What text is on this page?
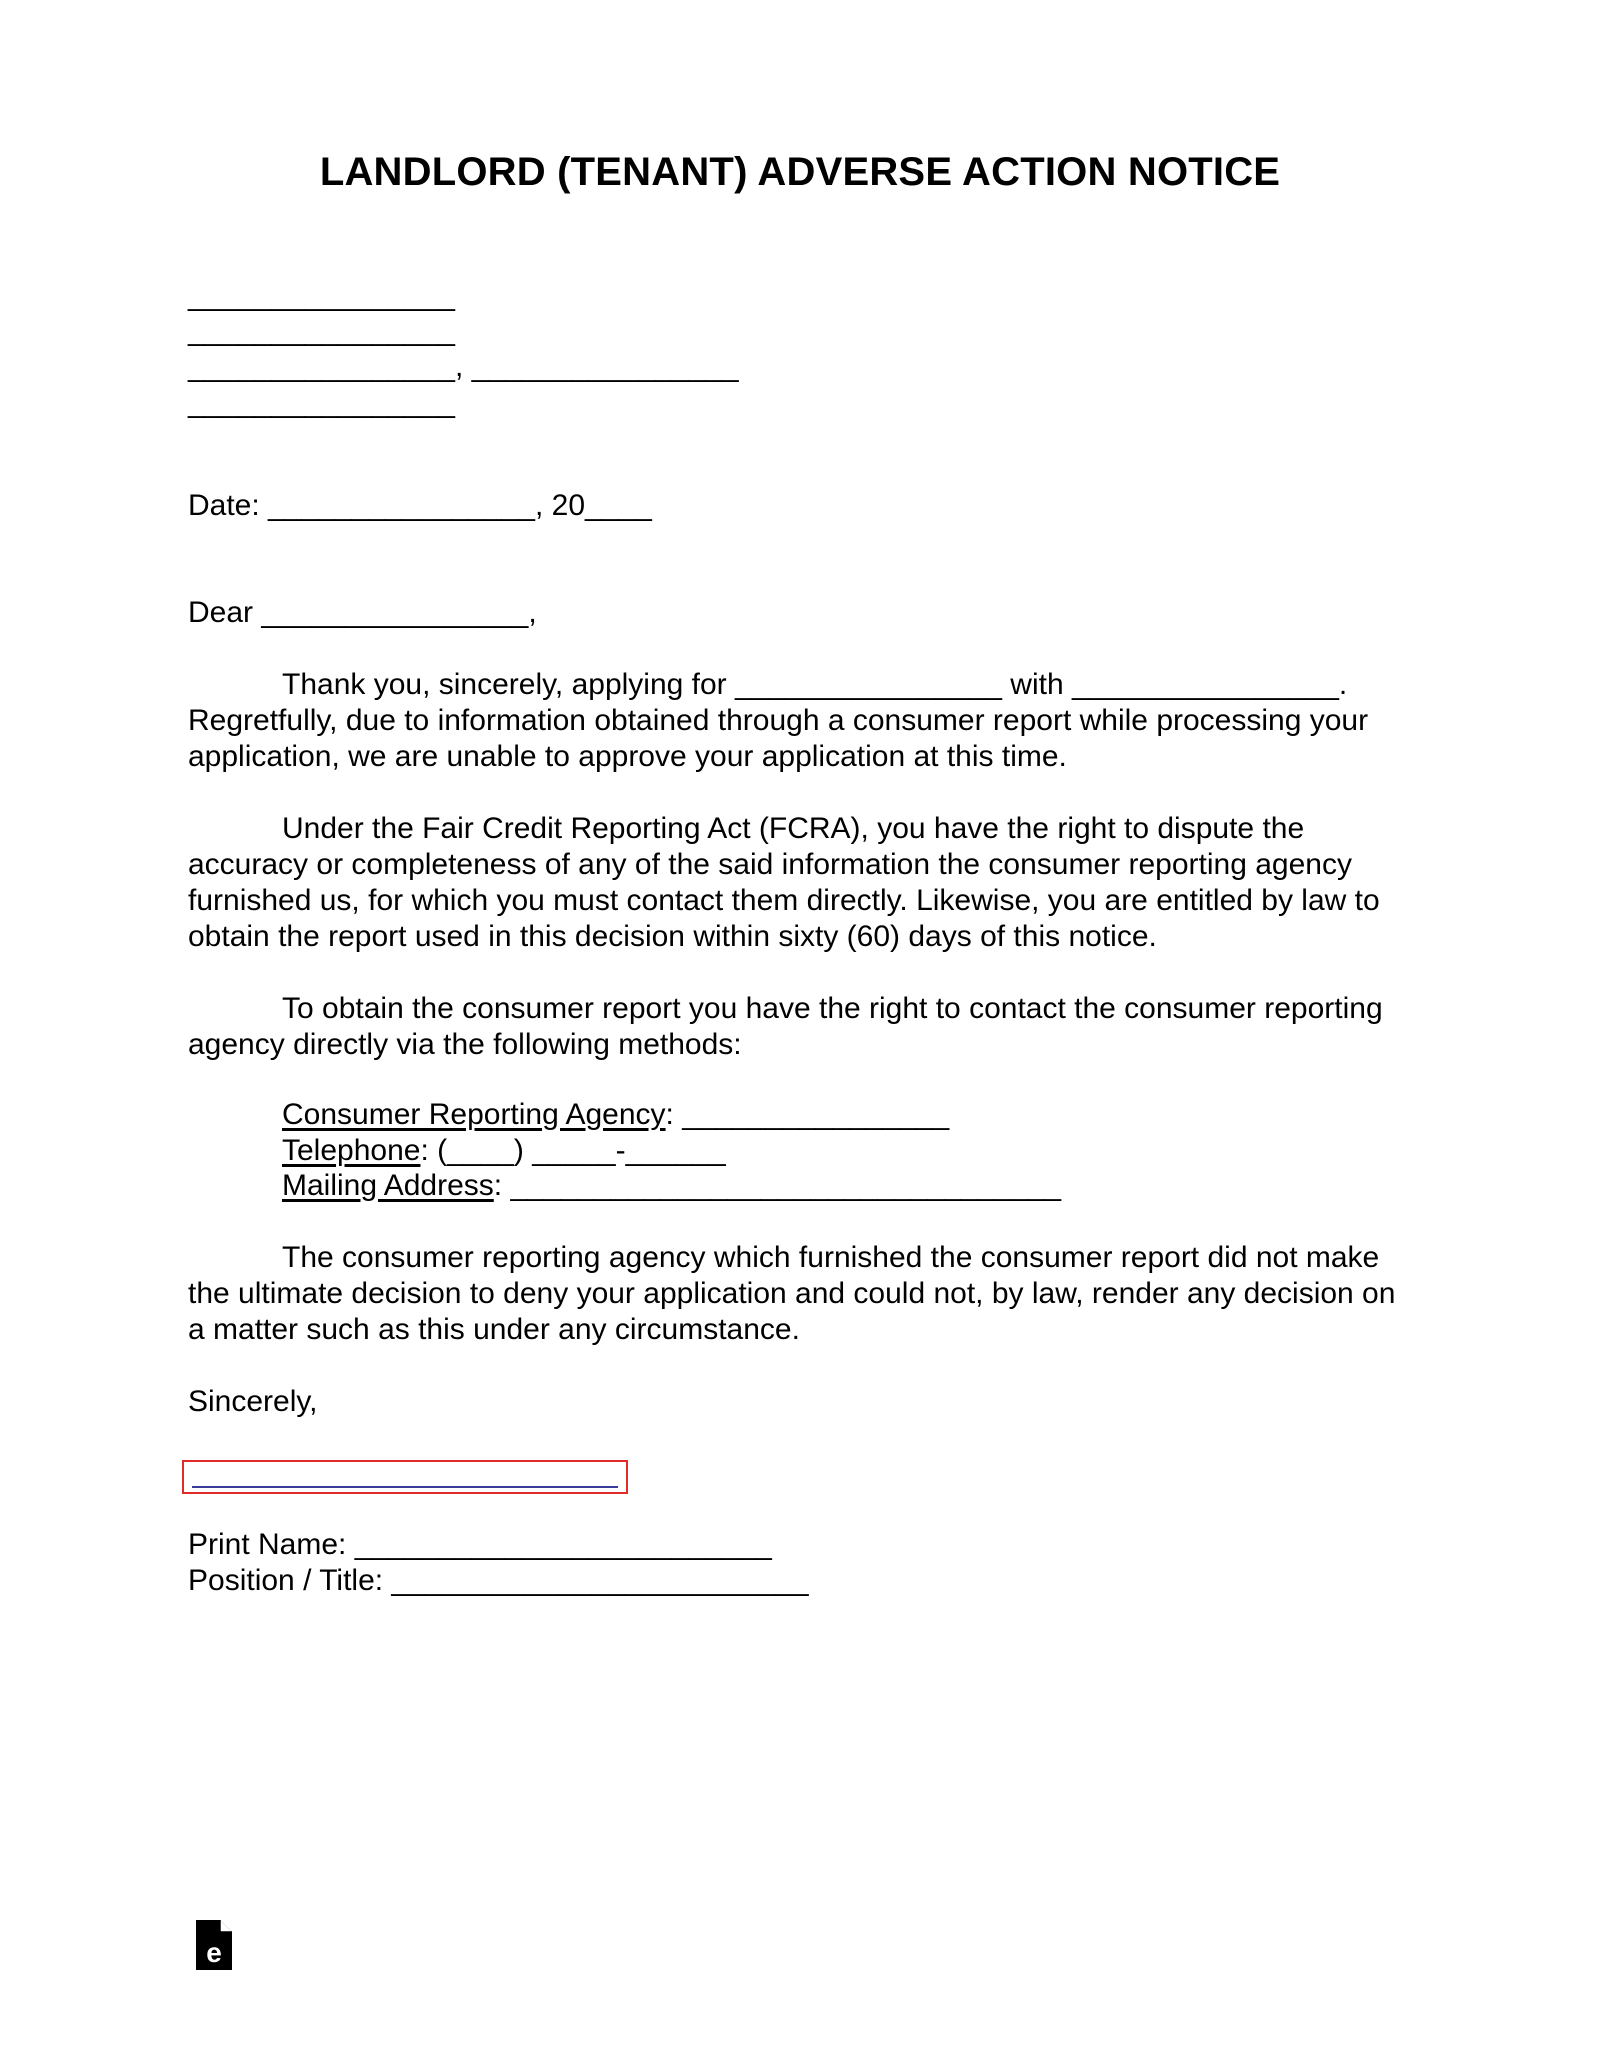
LANDLORD (TENANT) ADVERSE ACTION NOTICE
________________
________________
________________, ________________
________________
Date: ________________, 20____
Dear ________________,

Thank you, sincerely, applying for ________________ with ________________. Regretfully, due to information obtained through a consumer report while processing your application, we are unable to approve your application at this time.

Under the Fair Credit Reporting Act (FCRA), you have the right to dispute the accuracy or completeness of any of the said information the consumer reporting agency furnished us, for which you must contact them directly. Likewise, you are entitled by law to obtain the report used in this decision within sixty (60) days of this notice.

To obtain the consumer report you have the right to contact the consumer reporting agency directly via the following methods:

Consumer Reporting Agency: ________________
Telephone: (____) _____-______
Mailing Address: _________________________________

The consumer reporting agency which furnished the consumer report did not make the ultimate decision to deny your application and could not, by law, render any decision on a matter such as this under any circumstance.

Sincerely,
Print Name: _________________________
Position / Title: _________________________
e
